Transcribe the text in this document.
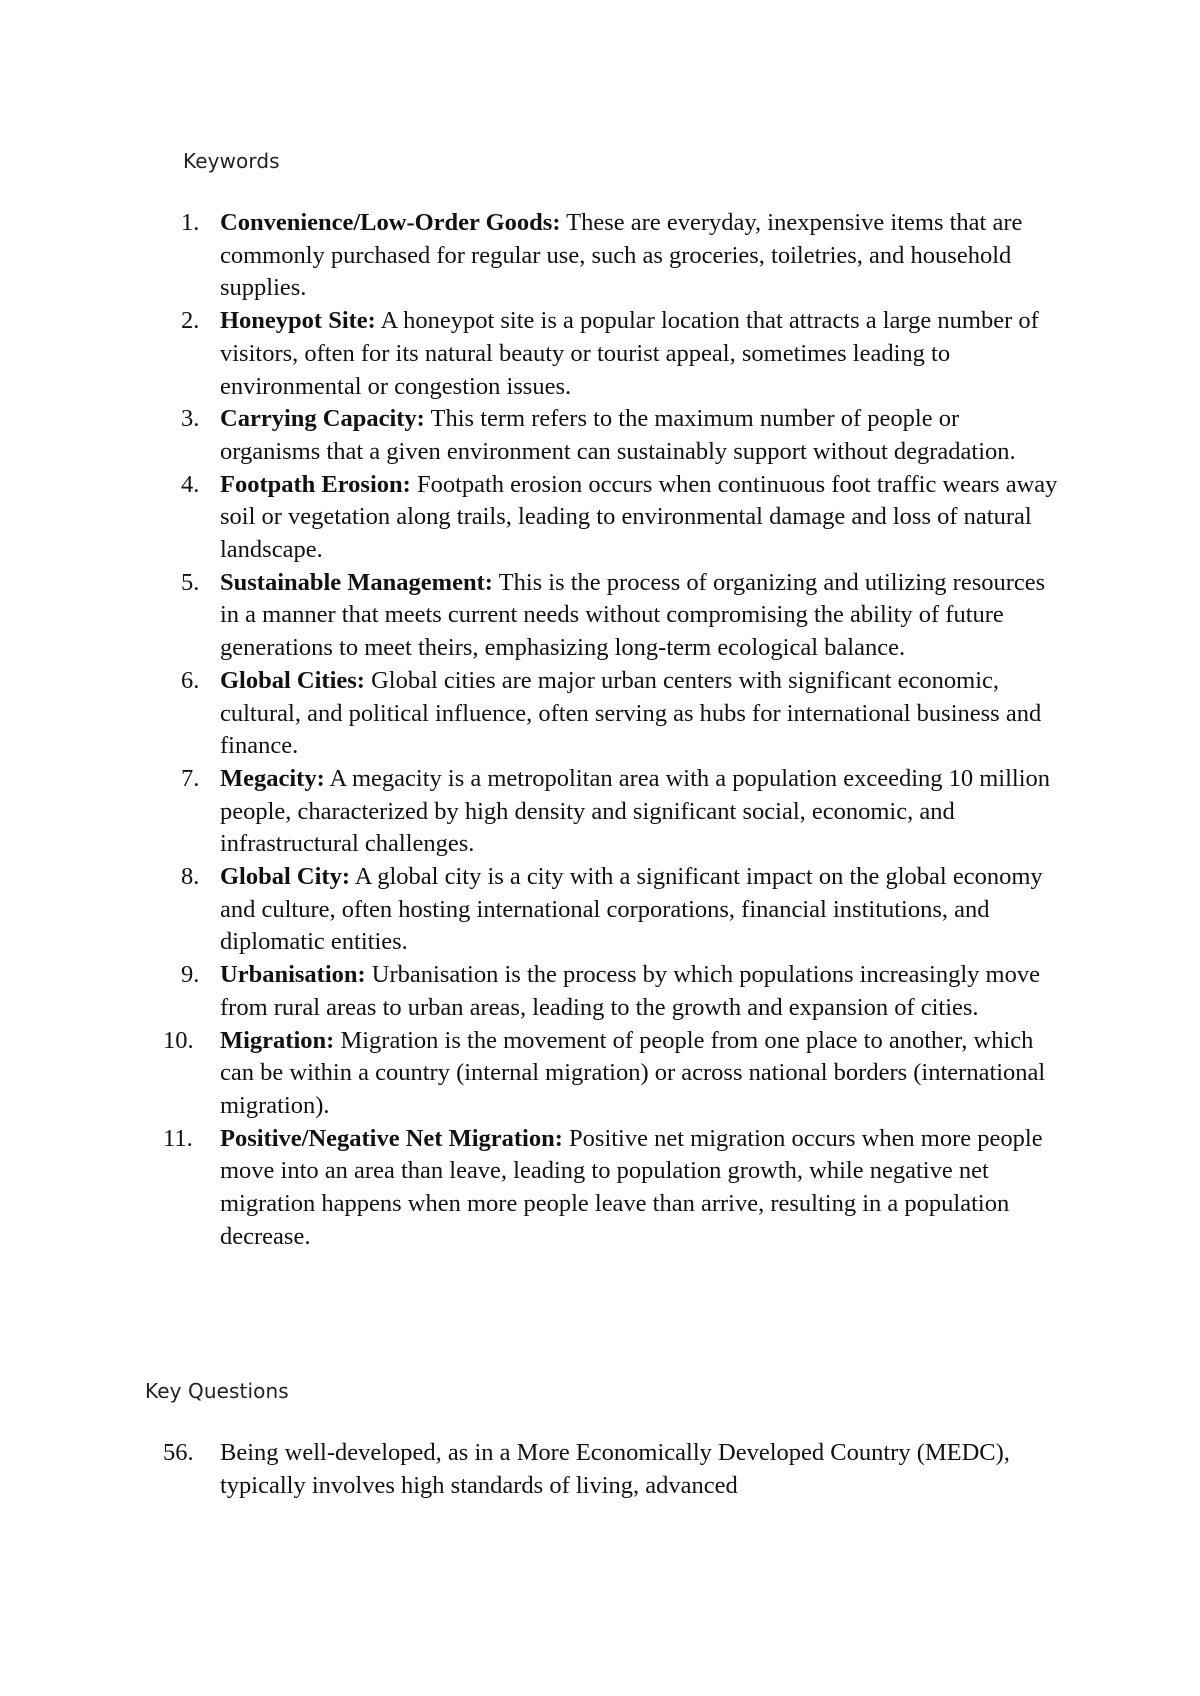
Keywords
1. Convenience/Low-Order Goods: These are everyday, inexpensive items that are commonly purchased for regular use, such as groceries, toiletries, and household supplies.
2. Honeypot Site: A honeypot site is a popular location that attracts a large number of visitors, often for its natural beauty or tourist appeal, sometimes leading to environmental or congestion issues.
3. Carrying Capacity: This term refers to the maximum number of people or organisms that a given environment can sustainably support without degradation.
4. Footpath Erosion: Footpath erosion occurs when continuous foot traffic wears away soil or vegetation along trails, leading to environmental damage and loss of natural landscape.
5. Sustainable Management: This is the process of organizing and utilizing resources in a manner that meets current needs without compromising the ability of future generations to meet theirs, emphasizing long-term ecological balance.
6. Global Cities: Global cities are major urban centers with significant economic, cultural, and political influence, often serving as hubs for international business and finance.
7. Megacity: A megacity is a metropolitan area with a population exceeding 10 million people, characterized by high density and significant social, economic, and infrastructural challenges.
8. Global City: A global city is a city with a significant impact on the global economy and culture, often hosting international corporations, financial institutions, and diplomatic entities.
9. Urbanisation: Urbanisation is the process by which populations increasingly move from rural areas to urban areas, leading to the growth and expansion of cities.
10.	Migration: Migration is the movement of people from one place to another, which can be within a country (internal migration) or across national borders (international migration).
11.	Positive/Negative Net Migration: Positive net migration occurs when more people move into an area than leave, leading to population growth, while negative net migration happens when more people leave than arrive, resulting in a population decrease.
Key Questions
56.	Being well-developed, as in a More Economically Developed Country (MEDC), typically involves high standards of living, advanced
